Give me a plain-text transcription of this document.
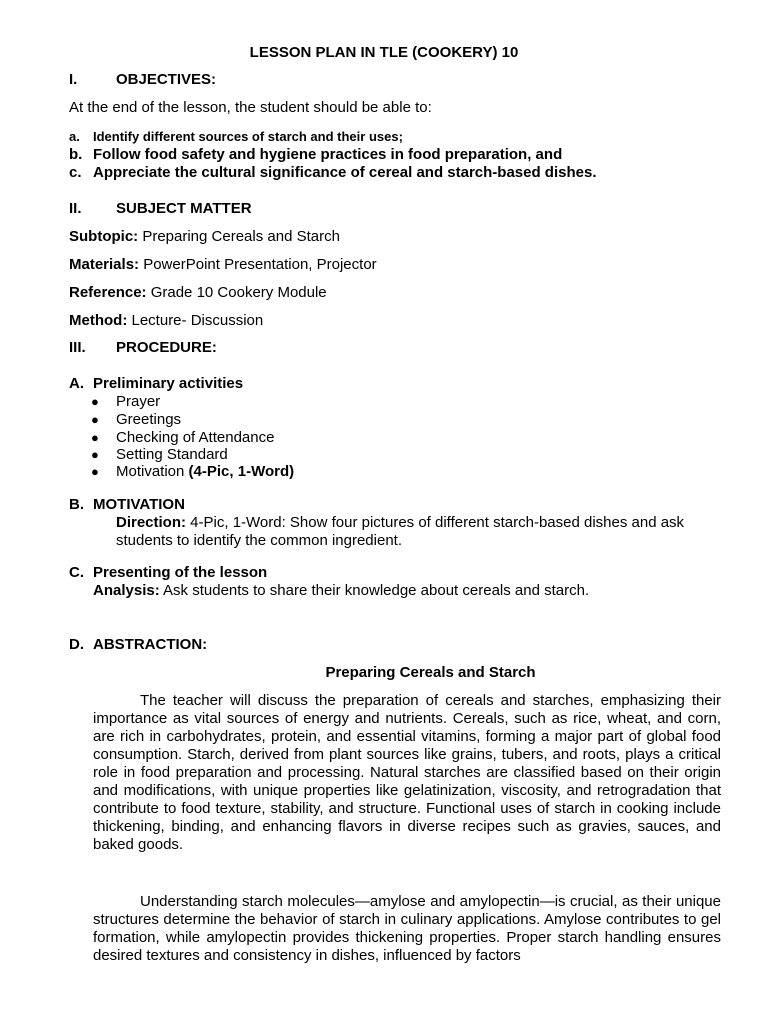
LESSON PLAN IN TLE (COOKERY) 10
I.	OBJECTIVES:
At the end of the lesson, the student should be able to:
a. Identify different sources of starch and their uses;
b. Follow food safety and hygiene practices in food preparation, and
c. Appreciate the cultural significance of cereal and starch-based dishes.
II. SUBJECT MATTER
Subtopic: Preparing Cereals and Starch
Materials: PowerPoint Presentation, Projector
Reference: Grade 10 Cookery Module
Method: Lecture- Discussion
III. PROCEDURE:
A. Preliminary activities
● Prayer
● Greetings
● Checking of Attendance
● Setting Standard
● Motivation (4-Pic, 1-Word)
B. MOTIVATION
Direction: 4-Pic, 1-Word: Show four pictures of different starch-based dishes and ask students to identify the common ingredient.
C. Presenting of the lesson
Analysis: Ask students to share their knowledge about cereals and starch.
D. ABSTRACTION:
Preparing Cereals and Starch

The teacher will discuss the preparation of cereals and starches, emphasizing their importance as vital sources of energy and nutrients. Cereals, such as rice, wheat, and corn, are rich in carbohydrates, protein, and essential vitamins, forming a major part of global food consumption. Starch, derived from plant sources like grains, tubers, and roots, plays a critical role in food preparation and processing. Natural starches are classified based on their origin and modifications, with unique properties like gelatinization, viscosity, and retrogradation that contribute to food texture, stability, and structure. Functional uses of starch in cooking include thickening, binding, and enhancing flavors in diverse recipes such as gravies, sauces, and baked goods.

Understanding starch molecules—amylose and amylopectin—is crucial, as their unique structures determine the behavior of starch in culinary applications. Amylose contributes to gel formation, while amylopectin provides thickening properties. Proper starch handling ensures desired textures and consistency in dishes, influenced by factors
